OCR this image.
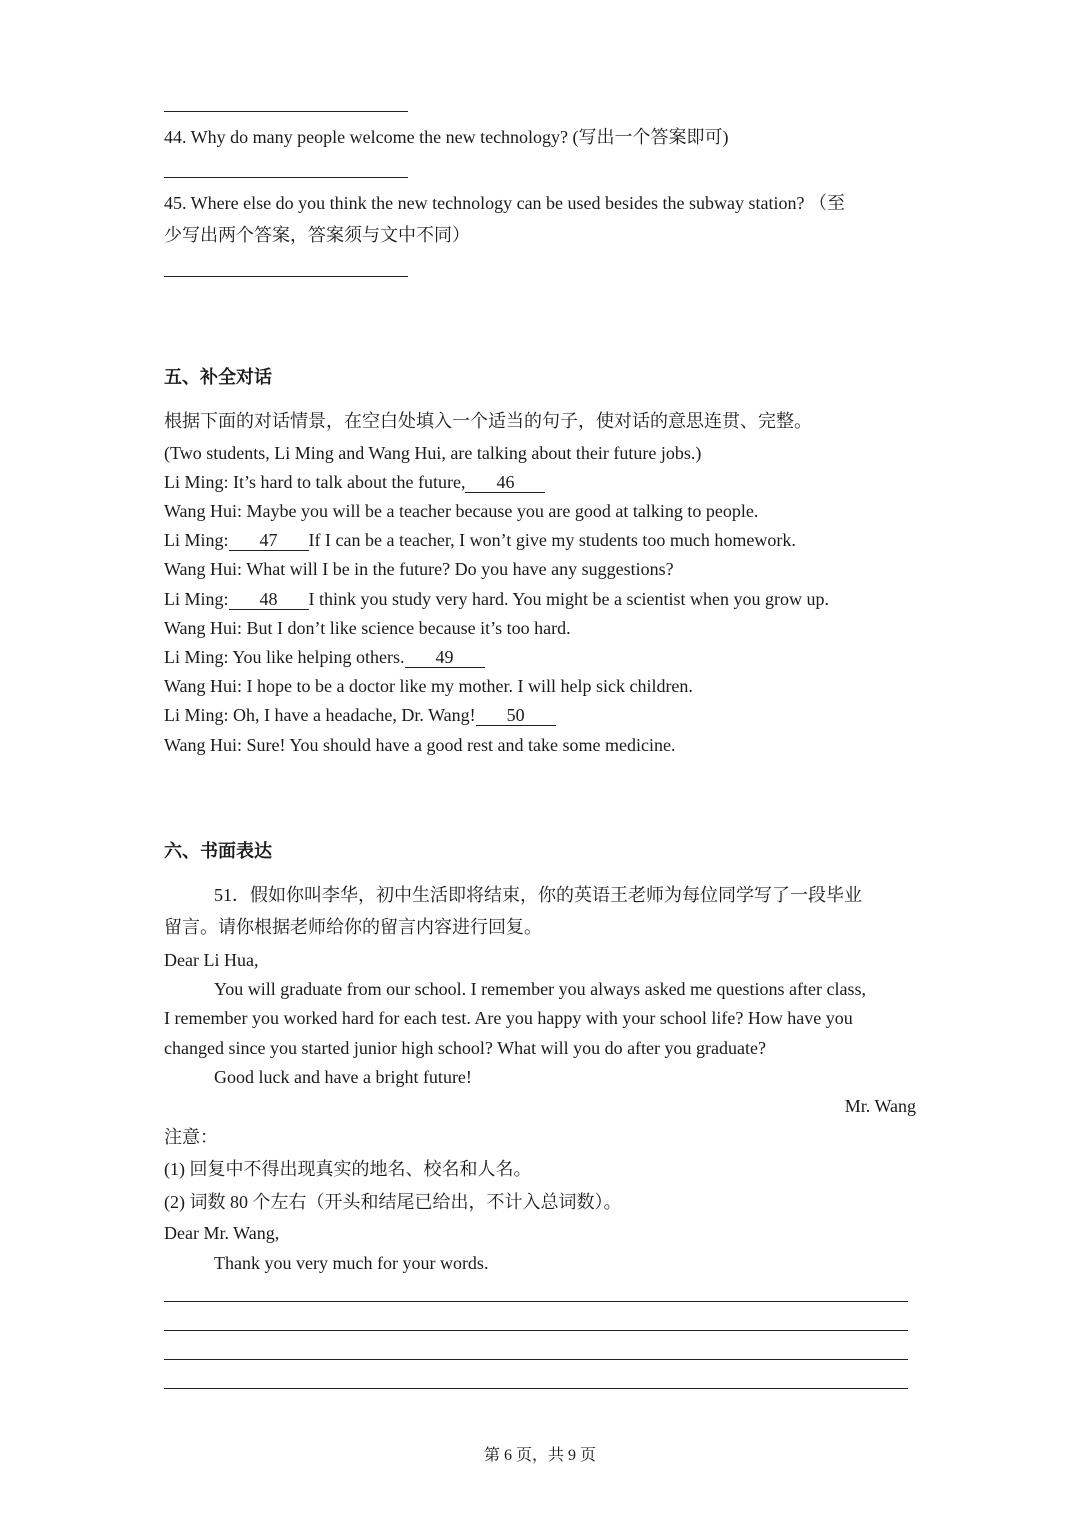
44. Why do many people welcome the new technology? (写出一个答案即可)
45. Where else do you think the new technology can be used besides the subway station? （至
少写出两个答案，答案须与文中不同）
五、补全对话
根据下面的对话情景，在空白处填入一个适当的句子，使对话的意思连贯、完整。
(Two students, Li Ming and Wang Hui, are talking about their future jobs.)
Li Ming: It’s hard to talk about the future, 46
Wang Hui: Maybe you will be a teacher because you are good at talking to people.
Li Ming: 47 If I can be a teacher, I won’t give my students too much homework.
Wang Hui: What will I be in the future? Do you have any suggestions?
Li Ming: 48 I think you study very hard. You might be a scientist when you grow up.
Wang Hui: But I don’t like science because it’s too hard.
Li Ming: You like helping others. 49
Wang Hui: I hope to be a doctor like my mother. I will help sick children.
Li Ming: Oh, I have a headache, Dr. Wang! 50
Wang Hui: Sure! You should have a good rest and take some medicine.
六、书面表达
51．假如你叫李华，初中生活即将结束，你的英语王老师为每位同学写了一段毕业
留言。请你根据老师给你的留言内容进行回复。
Dear Li Hua,
You will graduate from our school. I remember you always asked me questions after class,
I remember you worked hard for each test. Are you happy with your school life? How have you
changed since you started junior high school? What will you do after you graduate?
Good luck and have a bright future!
Mr. Wang
注意：
(1) 回复中不得出现真实的地名、校名和人名。
(2) 词数 80 个左右（开头和结尾已给出，不计入总词数）。
Dear Mr. Wang,
Thank you very much for your words.
第 6 页，共 9 页
